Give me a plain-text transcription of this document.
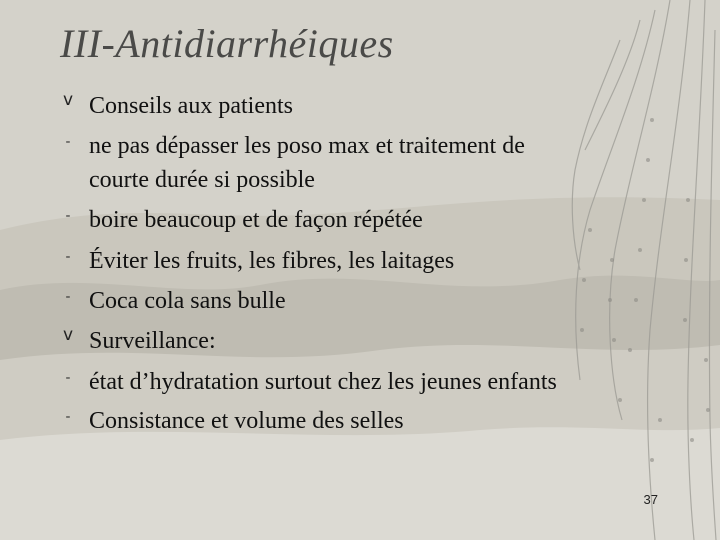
III-Antidiarrhéiques
v Conseils aux patients
- ne pas dépasser les poso max et traitement de
courte durée si possible
- boire beaucoup et de façon répétée
- Éviter les fruits, les fibres, les laitages
- Coca cola sans bulle
v Surveillance:
- état d’hydratation surtout chez les jeunes enfants
- Consistance et volume des selles
37
